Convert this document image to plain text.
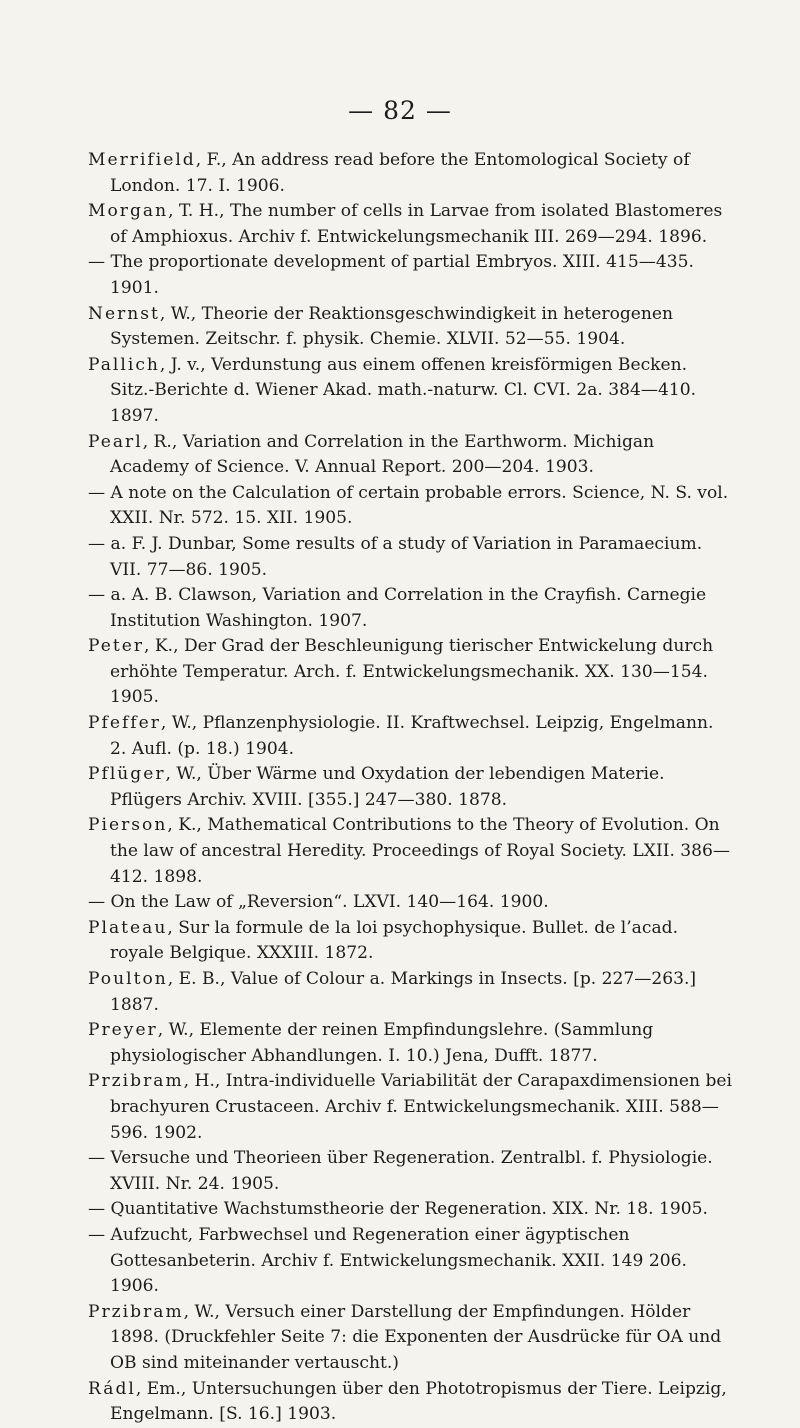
— 82 —
Merrifield, F., An address read before the Entomological Society of London. 17. I. 1906.
Morgan, T. H., The number of cells in Larvae from isolated Blastomeres of Amphioxus. Archiv f. Entwickelungsmechanik III. 269—294. 1896.
— The proportionate development of partial Embryos. XIII. 415—435. 1901.
Nernst, W., Theorie der Reaktionsgeschwindigkeit in heterogenen Systemen. Zeitschr. f. physik. Chemie. XLVII. 52—55. 1904.
Pallich, J. v., Verdunstung aus einem offenen kreisförmigen Becken. Sitz.-Berichte d. Wiener Akad. math.-naturw. Cl. CVI. 2a. 384—410. 1897.
Pearl, R., Variation and Correlation in the Earthworm. Michigan Academy of Science. V. Annual Report. 200—204. 1903.
— A note on the Calculation of certain probable errors. Science, N. S. vol. XXII. Nr. 572. 15. XII. 1905.
— a. F. J. Dunbar, Some results of a study of Variation in Paramaecium. VII. 77—86. 1905.
— a. A. B. Clawson, Variation and Correlation in the Crayfish. Carnegie Institution Washington. 1907.
Peter, K., Der Grad der Beschleunigung tierischer Entwickelung durch erhöhte Temperatur. Arch. f. Entwickelungsmechanik. XX. 130—154. 1905.
Pfeffer, W., Pflanzenphysiologie. II. Kraftwechsel. Leipzig, Engelmann. 2. Aufl. (p. 18.) 1904.
Pflüger, W., Über Wärme und Oxydation der lebendigen Materie. Pflügers Archiv. XVIII. [355.] 247—380. 1878.
Pierson, K., Mathematical Contributions to the Theory of Evolution. On the law of ancestral Heredity. Proceedings of Royal Society. LXII. 386—412. 1898.
— On the Law of „Reversion“. LXVI. 140—164. 1900.
Plateau, Sur la formule de la loi psychophysique. Bullet. de l’acad. royale Belgique. XXXIII. 1872.
Poulton, E. B., Value of Colour a. Markings in Insects. [p. 227—263.] 1887.
Preyer, W., Elemente der reinen Empfindungslehre. (Sammlung physiologischer Abhandlungen. I. 10.) Jena, Dufft. 1877.
Przibram, H., Intra-individuelle Variabilität der Carapaxdimensionen bei brachyuren Crustaceen. Archiv f. Entwickelungsmechanik. XIII. 588—596. 1902.
— Versuche und Theorieen über Regeneration. Zentralbl. f. Physiologie. XVIII. Nr. 24. 1905.
— Quantitative Wachstumstheorie der Regeneration. XIX. Nr. 18. 1905.
— Aufzucht, Farbwechsel und Regeneration einer ägyptischen Gottesanbeterin. Archiv f. Entwickelungsmechanik. XXII. 149 206. 1906.
Przibram, W., Versuch einer Darstellung der Empfindungen. Hölder 1898. (Druckfehler Seite 7: die Exponenten der Ausdrücke für OA und OB sind miteinander vertauscht.)
Rádl, Em., Untersuchungen über den Phototropismus der Tiere. Leipzig, Engelmann. [S. 16.] 1903.
